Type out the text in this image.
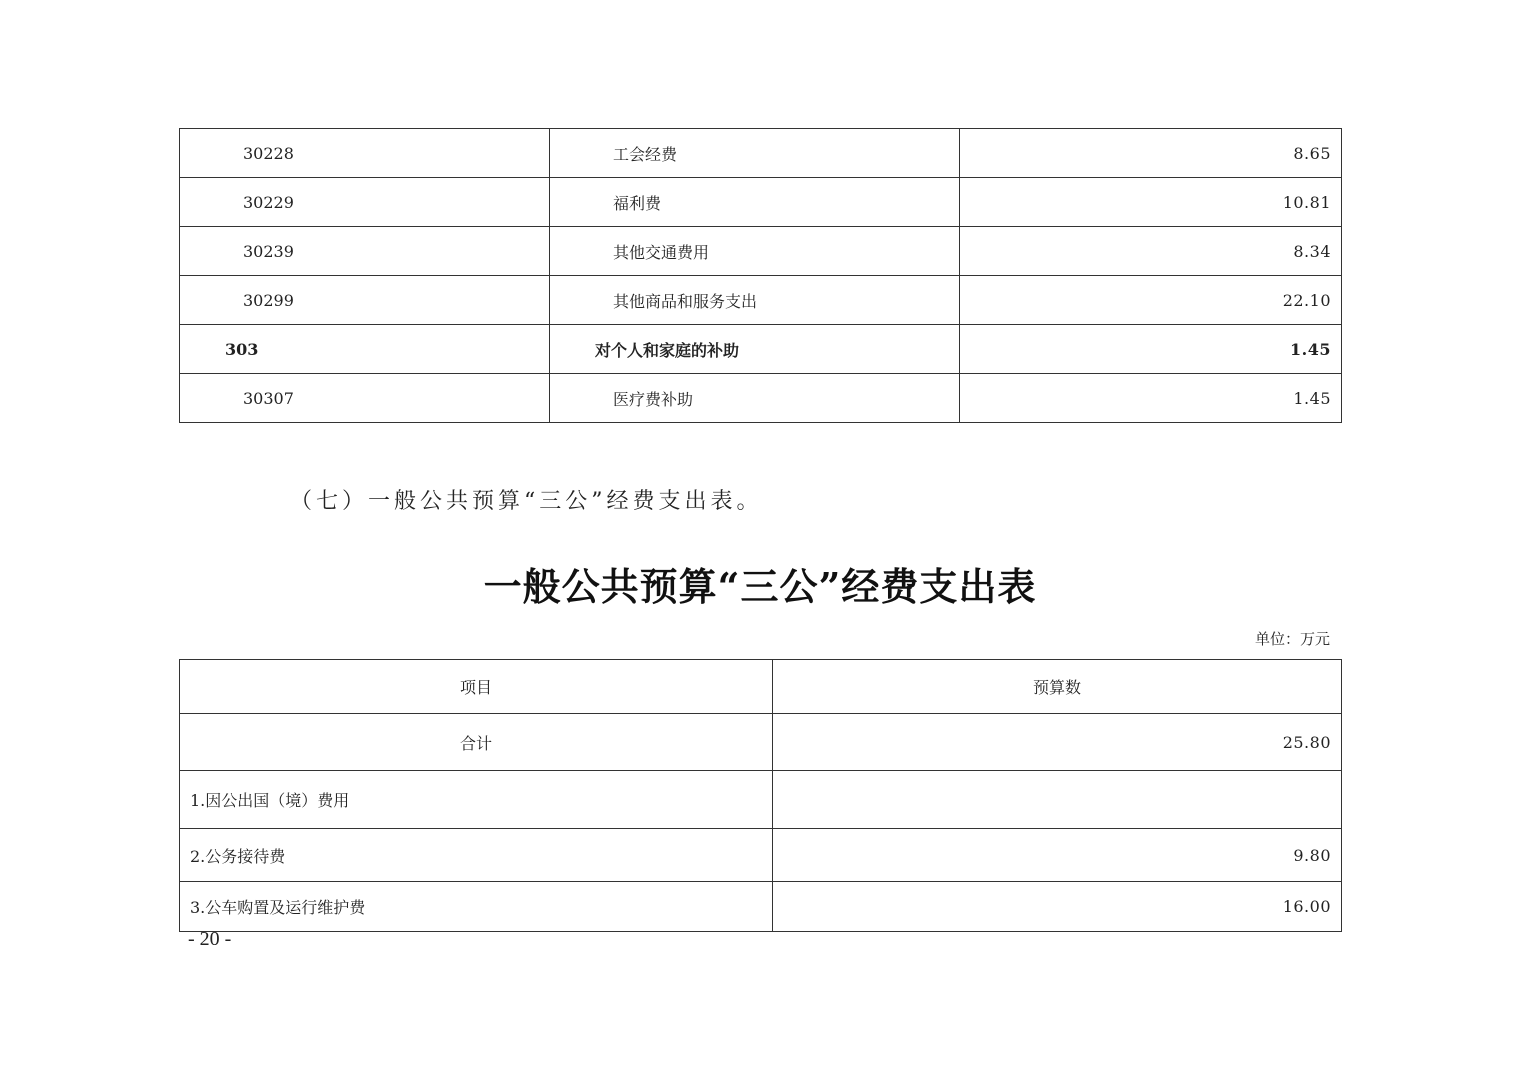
30228	工会经费	8.65
30229	福利费	10.81
30239	其他交通费用	8.34
30299	其他商品和服务支出	22.10
303	对个人和家庭的补助	1.45
30307	医疗费补助	1.45
（七）一般公共预算“三公”经费支出表。
一般公共预算“三公”经费支出表
单位：万元
项目	预算数
合计	25.80
1.因公出国（境）费用	
2.公务接待费	9.80
3.公车购置及运行维护费	16.00
- 20 -
